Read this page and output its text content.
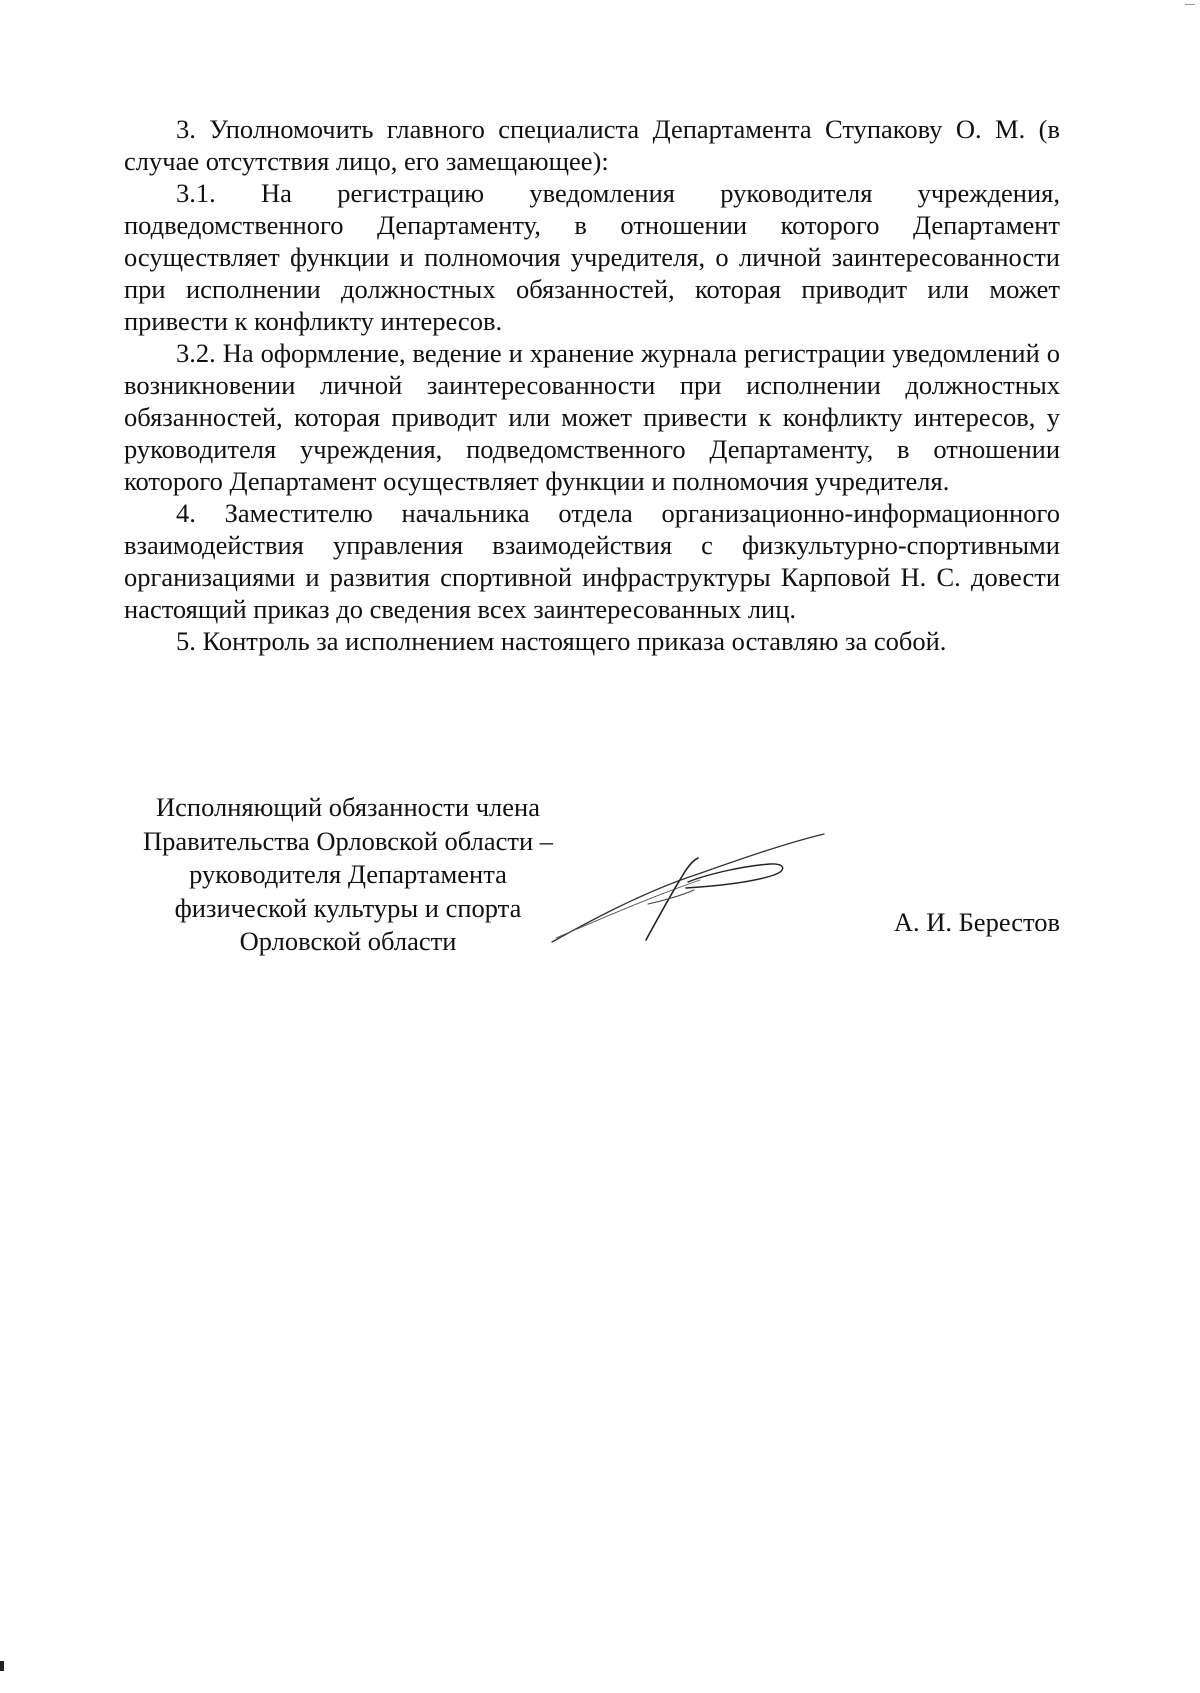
3. Уполномочить главного специалиста Департамента Ступакову О. М. (в случае отсутствия лицо, его замещающее):

3.1. На регистрацию уведомления руководителя учреждения, подведомственного Департаменту, в отношении которого Департамент осуществляет функции и полномочия учредителя, о личной заинтересованности при исполнении должностных обязанностей, которая приводит или может привести к конфликту интересов.

3.2. На оформление, ведение и хранение журнала регистрации уведомлений о возникновении личной заинтересованности при исполнении должностных обязанностей, которая приводит или может привести к конфликту интересов, у руководителя учреждения, подведомственного Департаменту, в отношении которого Департамент осуществляет функции и полномочия учредителя.

4. Заместителю начальника отдела организационно-информационного взаимодействия управления взаимодействия с физкультурно-спортивными организациями и развития спортивной инфраструктуры Карповой Н. С. довести настоящий приказ до сведения всех заинтересованных лиц.

5. Контроль за исполнением настоящего приказа оставляю за собой.

Исполняющий обязанности члена
Правительства Орловской области –
руководителя Департамента
физической культуры и спорта
Орловской области
А. И. Берестов
